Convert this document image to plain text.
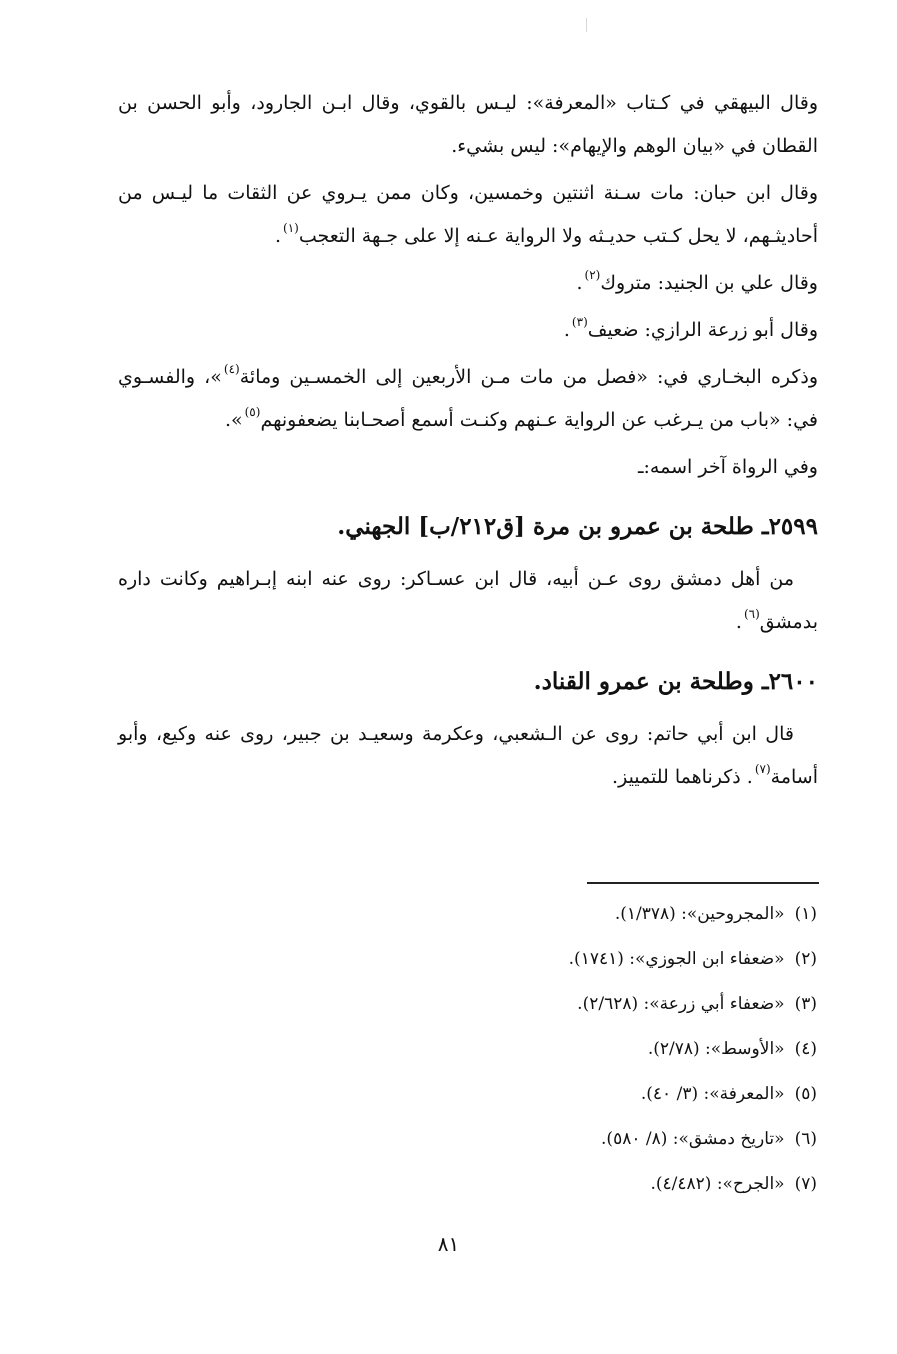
وقال البيهقي في كـتاب «المعرفة»: ليـس بالقوي، وقال ابـن الجارود، وأبو الحسن بن القطان في «بيان الوهم والإيهام»: ليس بشيء.

وقال ابن حبان: مات سـنة اثنتين وخمسين، وكان ممن يـروي عن الثقات ما ليـس من أحاديثـهم، لا يحل كـتب حديـثه ولا الرواية عـنه إلا على جـهة التعجب$^{(١)}$.

وقال علي بن الجنيد: متروك$^{(٢)}$.

وقال أبو زرعة الرازي: ضعيف$^{(٣)}$.

وذكره البخـاري في: «فصل من مات مـن الأربعين إلى الخمسـين ومائة$^{(٤)}$»، والفسـوي في: «باب من يـرغب عن الرواية عـنهم وكنـت أسمع أصحـابنا يضعفونهم$^{(٥)}$».

وفي الرواة آخر اسمه:ـ

٢٥٩٩ـ طلحة بن عمرو بن مرة [ق٢١٢/ب] الجهني.

من أهل دمشق روى عـن أبيه، قال ابن عسـاكر: روى عنه ابنه إبـراهيم وكانت داره بدمشق$^{(٦)}$.

٢٦٠٠ـ وطلحة بن عمرو القناد.

قال ابن أبي حاتم: روى عن الـشعبي، وعكرمة وسعيـد بن جبير، روى عنه وكيع، وأبو أسامة$^{(٧)}$. ذكرناهما للتمييز.

(١)«المجروحين»: (١/٣٧٨).
(٢)«ضعفاء ابن الجوزي»: (١٧٤١).
(٣)«ضعفاء أبي زرعة»: (٢/٦٢٨).
(٤)«الأوسط»: (٢/٧٨).
(٥)«المعرفة»: (٣/ ٤٠).
(٦)«تاريخ دمشق»: (٨/ ٥٨٠).
(٧)«الجرح»: (٤/٤٨٢).
٨١
